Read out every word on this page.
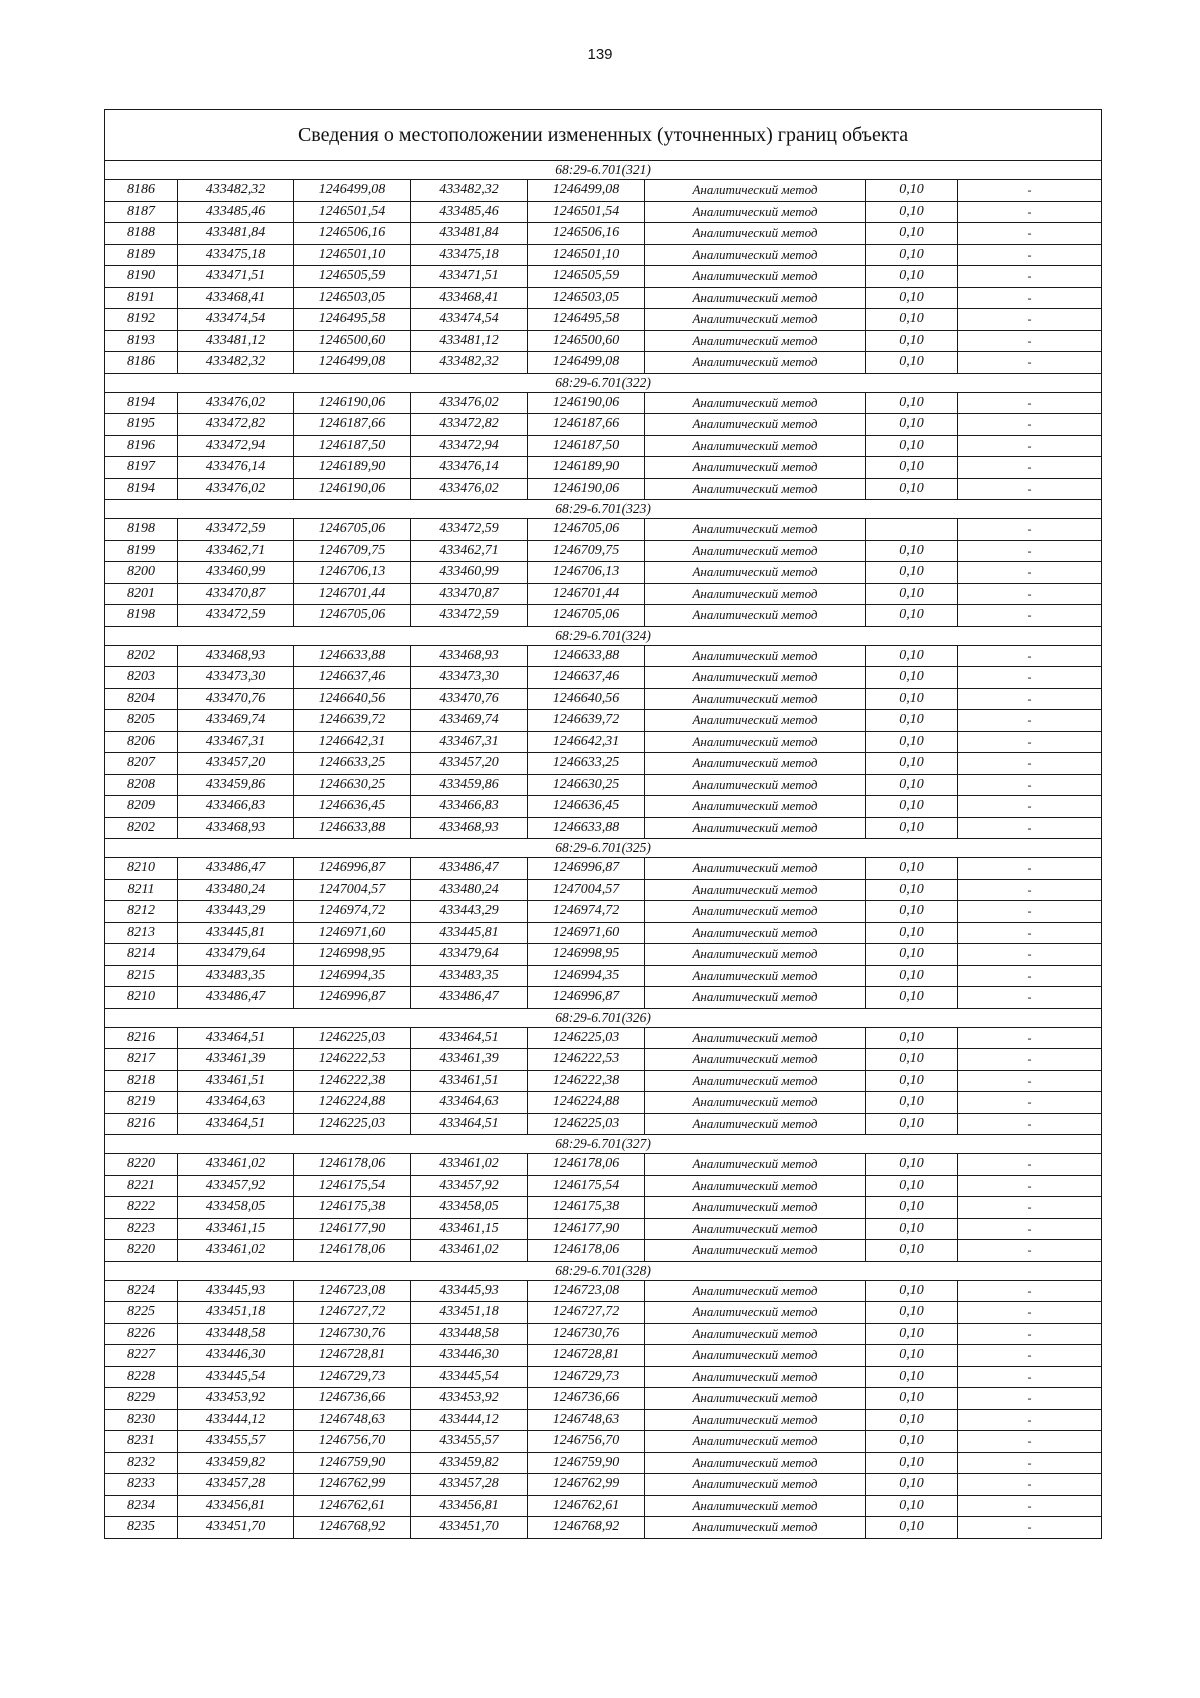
139
Сведения о местоположении измененных (уточненных) границ объекта							
68:29-6.701(321)							
8186	433482,32	1246499,08	433482,32	1246499,08	Аналитический метод	0,10	-
8187	433485,46	1246501,54	433485,46	1246501,54	Аналитический метод	0,10	-
8188	433481,84	1246506,16	433481,84	1246506,16	Аналитический метод	0,10	-
8189	433475,18	1246501,10	433475,18	1246501,10	Аналитический метод	0,10	-
8190	433471,51	1246505,59	433471,51	1246505,59	Аналитический метод	0,10	-
8191	433468,41	1246503,05	433468,41	1246503,05	Аналитический метод	0,10	-
8192	433474,54	1246495,58	433474,54	1246495,58	Аналитический метод	0,10	-
8193	433481,12	1246500,60	433481,12	1246500,60	Аналитический метод	0,10	-
8186	433482,32	1246499,08	433482,32	1246499,08	Аналитический метод	0,10	-
68:29-6.701(322)							
8194	433476,02	1246190,06	433476,02	1246190,06	Аналитический метод	0,10	-
8195	433472,82	1246187,66	433472,82	1246187,66	Аналитический метод	0,10	-
8196	433472,94	1246187,50	433472,94	1246187,50	Аналитический метод	0,10	-
8197	433476,14	1246189,90	433476,14	1246189,90	Аналитический метод	0,10	-
8194	433476,02	1246190,06	433476,02	1246190,06	Аналитический метод	0,10	-
68:29-6.701(323)							
8198	433472,59	1246705,06	433472,59	1246705,06	Аналитический метод		-
8199	433462,71	1246709,75	433462,71	1246709,75	Аналитический метод	0,10	-
8200	433460,99	1246706,13	433460,99	1246706,13	Аналитический метод	0,10	-
8201	433470,87	1246701,44	433470,87	1246701,44	Аналитический метод	0,10	-
8198	433472,59	1246705,06	433472,59	1246705,06	Аналитический метод	0,10	-
68:29-6.701(324)							
8202	433468,93	1246633,88	433468,93	1246633,88	Аналитический метод	0,10	-
8203	433473,30	1246637,46	433473,30	1246637,46	Аналитический метод	0,10	-
8204	433470,76	1246640,56	433470,76	1246640,56	Аналитический метод	0,10	-
8205	433469,74	1246639,72	433469,74	1246639,72	Аналитический метод	0,10	-
8206	433467,31	1246642,31	433467,31	1246642,31	Аналитический метод	0,10	-
8207	433457,20	1246633,25	433457,20	1246633,25	Аналитический метод	0,10	-
8208	433459,86	1246630,25	433459,86	1246630,25	Аналитический метод	0,10	-
8209	433466,83	1246636,45	433466,83	1246636,45	Аналитический метод	0,10	-
8202	433468,93	1246633,88	433468,93	1246633,88	Аналитический метод	0,10	-
68:29-6.701(325)							
8210	433486,47	1246996,87	433486,47	1246996,87	Аналитический метод	0,10	-
8211	433480,24	1247004,57	433480,24	1247004,57	Аналитический метод	0,10	-
8212	433443,29	1246974,72	433443,29	1246974,72	Аналитический метод	0,10	-
8213	433445,81	1246971,60	433445,81	1246971,60	Аналитический метод	0,10	-
8214	433479,64	1246998,95	433479,64	1246998,95	Аналитический метод	0,10	-
8215	433483,35	1246994,35	433483,35	1246994,35	Аналитический метод	0,10	-
8210	433486,47	1246996,87	433486,47	1246996,87	Аналитический метод	0,10	-
68:29-6.701(326)							
8216	433464,51	1246225,03	433464,51	1246225,03	Аналитический метод	0,10	-
8217	433461,39	1246222,53	433461,39	1246222,53	Аналитический метод	0,10	-
8218	433461,51	1246222,38	433461,51	1246222,38	Аналитический метод	0,10	-
8219	433464,63	1246224,88	433464,63	1246224,88	Аналитический метод	0,10	-
8216	433464,51	1246225,03	433464,51	1246225,03	Аналитический метод	0,10	-
68:29-6.701(327)							
8220	433461,02	1246178,06	433461,02	1246178,06	Аналитический метод	0,10	-
8221	433457,92	1246175,54	433457,92	1246175,54	Аналитический метод	0,10	-
8222	433458,05	1246175,38	433458,05	1246175,38	Аналитический метод	0,10	-
8223	433461,15	1246177,90	433461,15	1246177,90	Аналитический метод	0,10	-
8220	433461,02	1246178,06	433461,02	1246178,06	Аналитический метод	0,10	-
68:29-6.701(328)							
8224	433445,93	1246723,08	433445,93	1246723,08	Аналитический метод	0,10	-
8225	433451,18	1246727,72	433451,18	1246727,72	Аналитический метод	0,10	-
8226	433448,58	1246730,76	433448,58	1246730,76	Аналитический метод	0,10	-
8227	433446,30	1246728,81	433446,30	1246728,81	Аналитический метод	0,10	-
8228	433445,54	1246729,73	433445,54	1246729,73	Аналитический метод	0,10	-
8229	433453,92	1246736,66	433453,92	1246736,66	Аналитический метод	0,10	-
8230	433444,12	1246748,63	433444,12	1246748,63	Аналитический метод	0,10	-
8231	433455,57	1246756,70	433455,57	1246756,70	Аналитический метод	0,10	-
8232	433459,82	1246759,90	433459,82	1246759,90	Аналитический метод	0,10	-
8233	433457,28	1246762,99	433457,28	1246762,99	Аналитический метод	0,10	-
8234	433456,81	1246762,61	433456,81	1246762,61	Аналитический метод	0,10	-
8235	433451,70	1246768,92	433451,70	1246768,92	Аналитический метод	0,10	-
